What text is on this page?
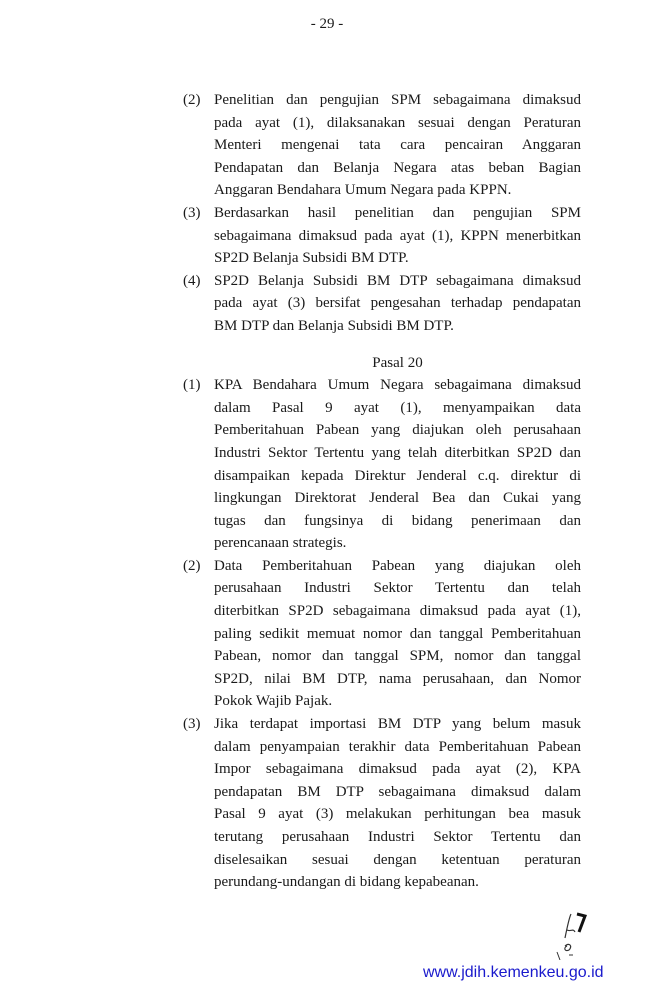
- 29 -
(2) Penelitian dan pengujian SPM sebagaimana dimaksud
pada ayat (1), dilaksanakan sesuai dengan Peraturan
Menteri mengenai tata cara pencairan Anggaran
Pendapatan dan Belanja Negara atas beban Bagian
Anggaran Bendahara Umum Negara pada KPPN.
(3) Berdasarkan hasil penelitian dan pengujian SPM
sebagaimana dimaksud pada ayat (1), KPPN menerbitkan
SP2D Belanja Subsidi BM DTP.
(4) SP2D Belanja Subsidi BM DTP sebagaimana dimaksud
pada ayat (3) bersifat pengesahan terhadap pendapatan
BM DTP dan Belanja Subsidi BM DTP.
Pasal 20
(1) KPA Bendahara Umum Negara sebagaimana dimaksud
dalam Pasal 9 ayat (1), menyampaikan data
Pemberitahuan Pabean yang diajukan oleh perusahaan
Industri Sektor Tertentu yang telah diterbitkan SP2D dan
disampaikan kepada Direktur Jenderal c.q. direktur di
lingkungan Direktorat Jenderal Bea dan Cukai yang
tugas dan fungsinya di bidang penerimaan dan
perencanaan strategis.
(2) Data Pemberitahuan Pabean yang diajukan oleh
perusahaan Industri Sektor Tertentu dan telah
diterbitkan SP2D sebagaimana dimaksud pada ayat (1),
paling sedikit memuat nomor dan tanggal Pemberitahuan
Pabean, nomor dan tanggal SPM, nomor dan tanggal
SP2D, nilai BM DTP, nama perusahaan, dan Nomor
Pokok Wajib Pajak.
(3) Jika terdapat importasi BM DTP yang belum masuk
dalam penyampaian terakhir data Pemberitahuan Pabean
Impor sebagaimana dimaksud pada ayat (2), KPA
pendapatan BM DTP sebagaimana dimaksud dalam
Pasal 9 ayat (3) melakukan perhitungan bea masuk
terutang perusahaan Industri Sektor Tertentu dan
diselesaikan sesuai dengan ketentuan peraturan
perundang-undangan di bidang kepabeanan.
www.jdih.kemenkeu.go.id
